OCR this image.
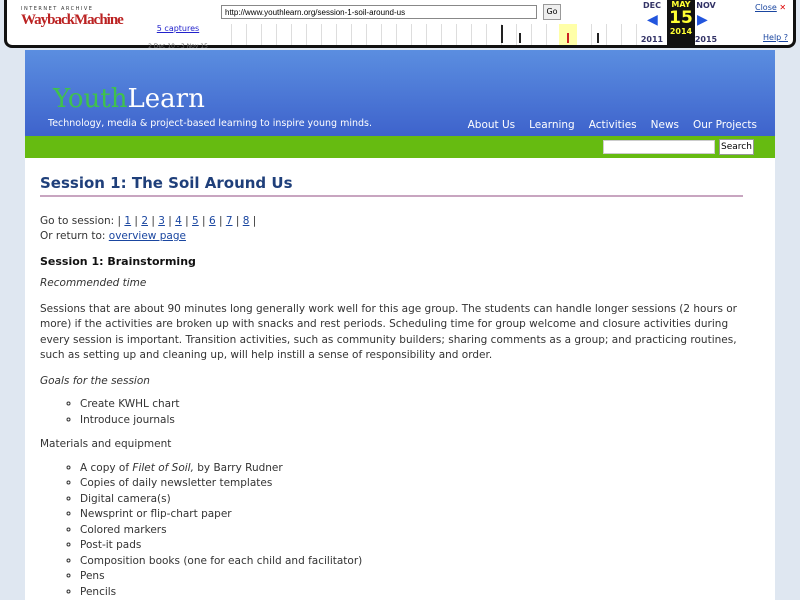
INTERNET ARCHIVE
WaybackMachine
http://www.youthlearn.org/session-1-soil-around-us
Go
5 captures
2 Dec 10 - 3 Nov 15
DEC
◀
2011
MAY
15
2014
NOV
▶
2015
Close ✕
Help ?
YouthLearn
Technology, media & project-based learning to inspire young minds.	About Us Learning Activities News Our Projects
Search
Session 1: The Soil Around Us
Go to session: | 1 | 2 | 3 | 4 | 5 | 6 | 7 | 8 |
Or return to: overview page
Session 1: Brainstorming
Recommended time

Sessions that are about 90 minutes long generally work well for this age group. The students can handle longer sessions (2 hours or more) if the activities are broken up with snacks and rest periods. Scheduling time for group welcome and closure activities during every session is important. Transition activities, such as community builders; sharing comments as a group; and practicing routines, such as setting up and cleaning up, will help instill a sense of responsibility and order.

Goals for the session
◦ Create KWHL chart
◦ Introduce journals
Materials and equipment
◦ A copy of Filet of Soil, by Barry Rudner
◦ Copies of daily newsletter templates
◦ Digital camera(s)
◦ Newsprint or flip-chart paper
◦ Colored markers
◦ Post-it pads
◦ Composition books (one for each child and facilitator)
◦ Pens
◦ Pencils
